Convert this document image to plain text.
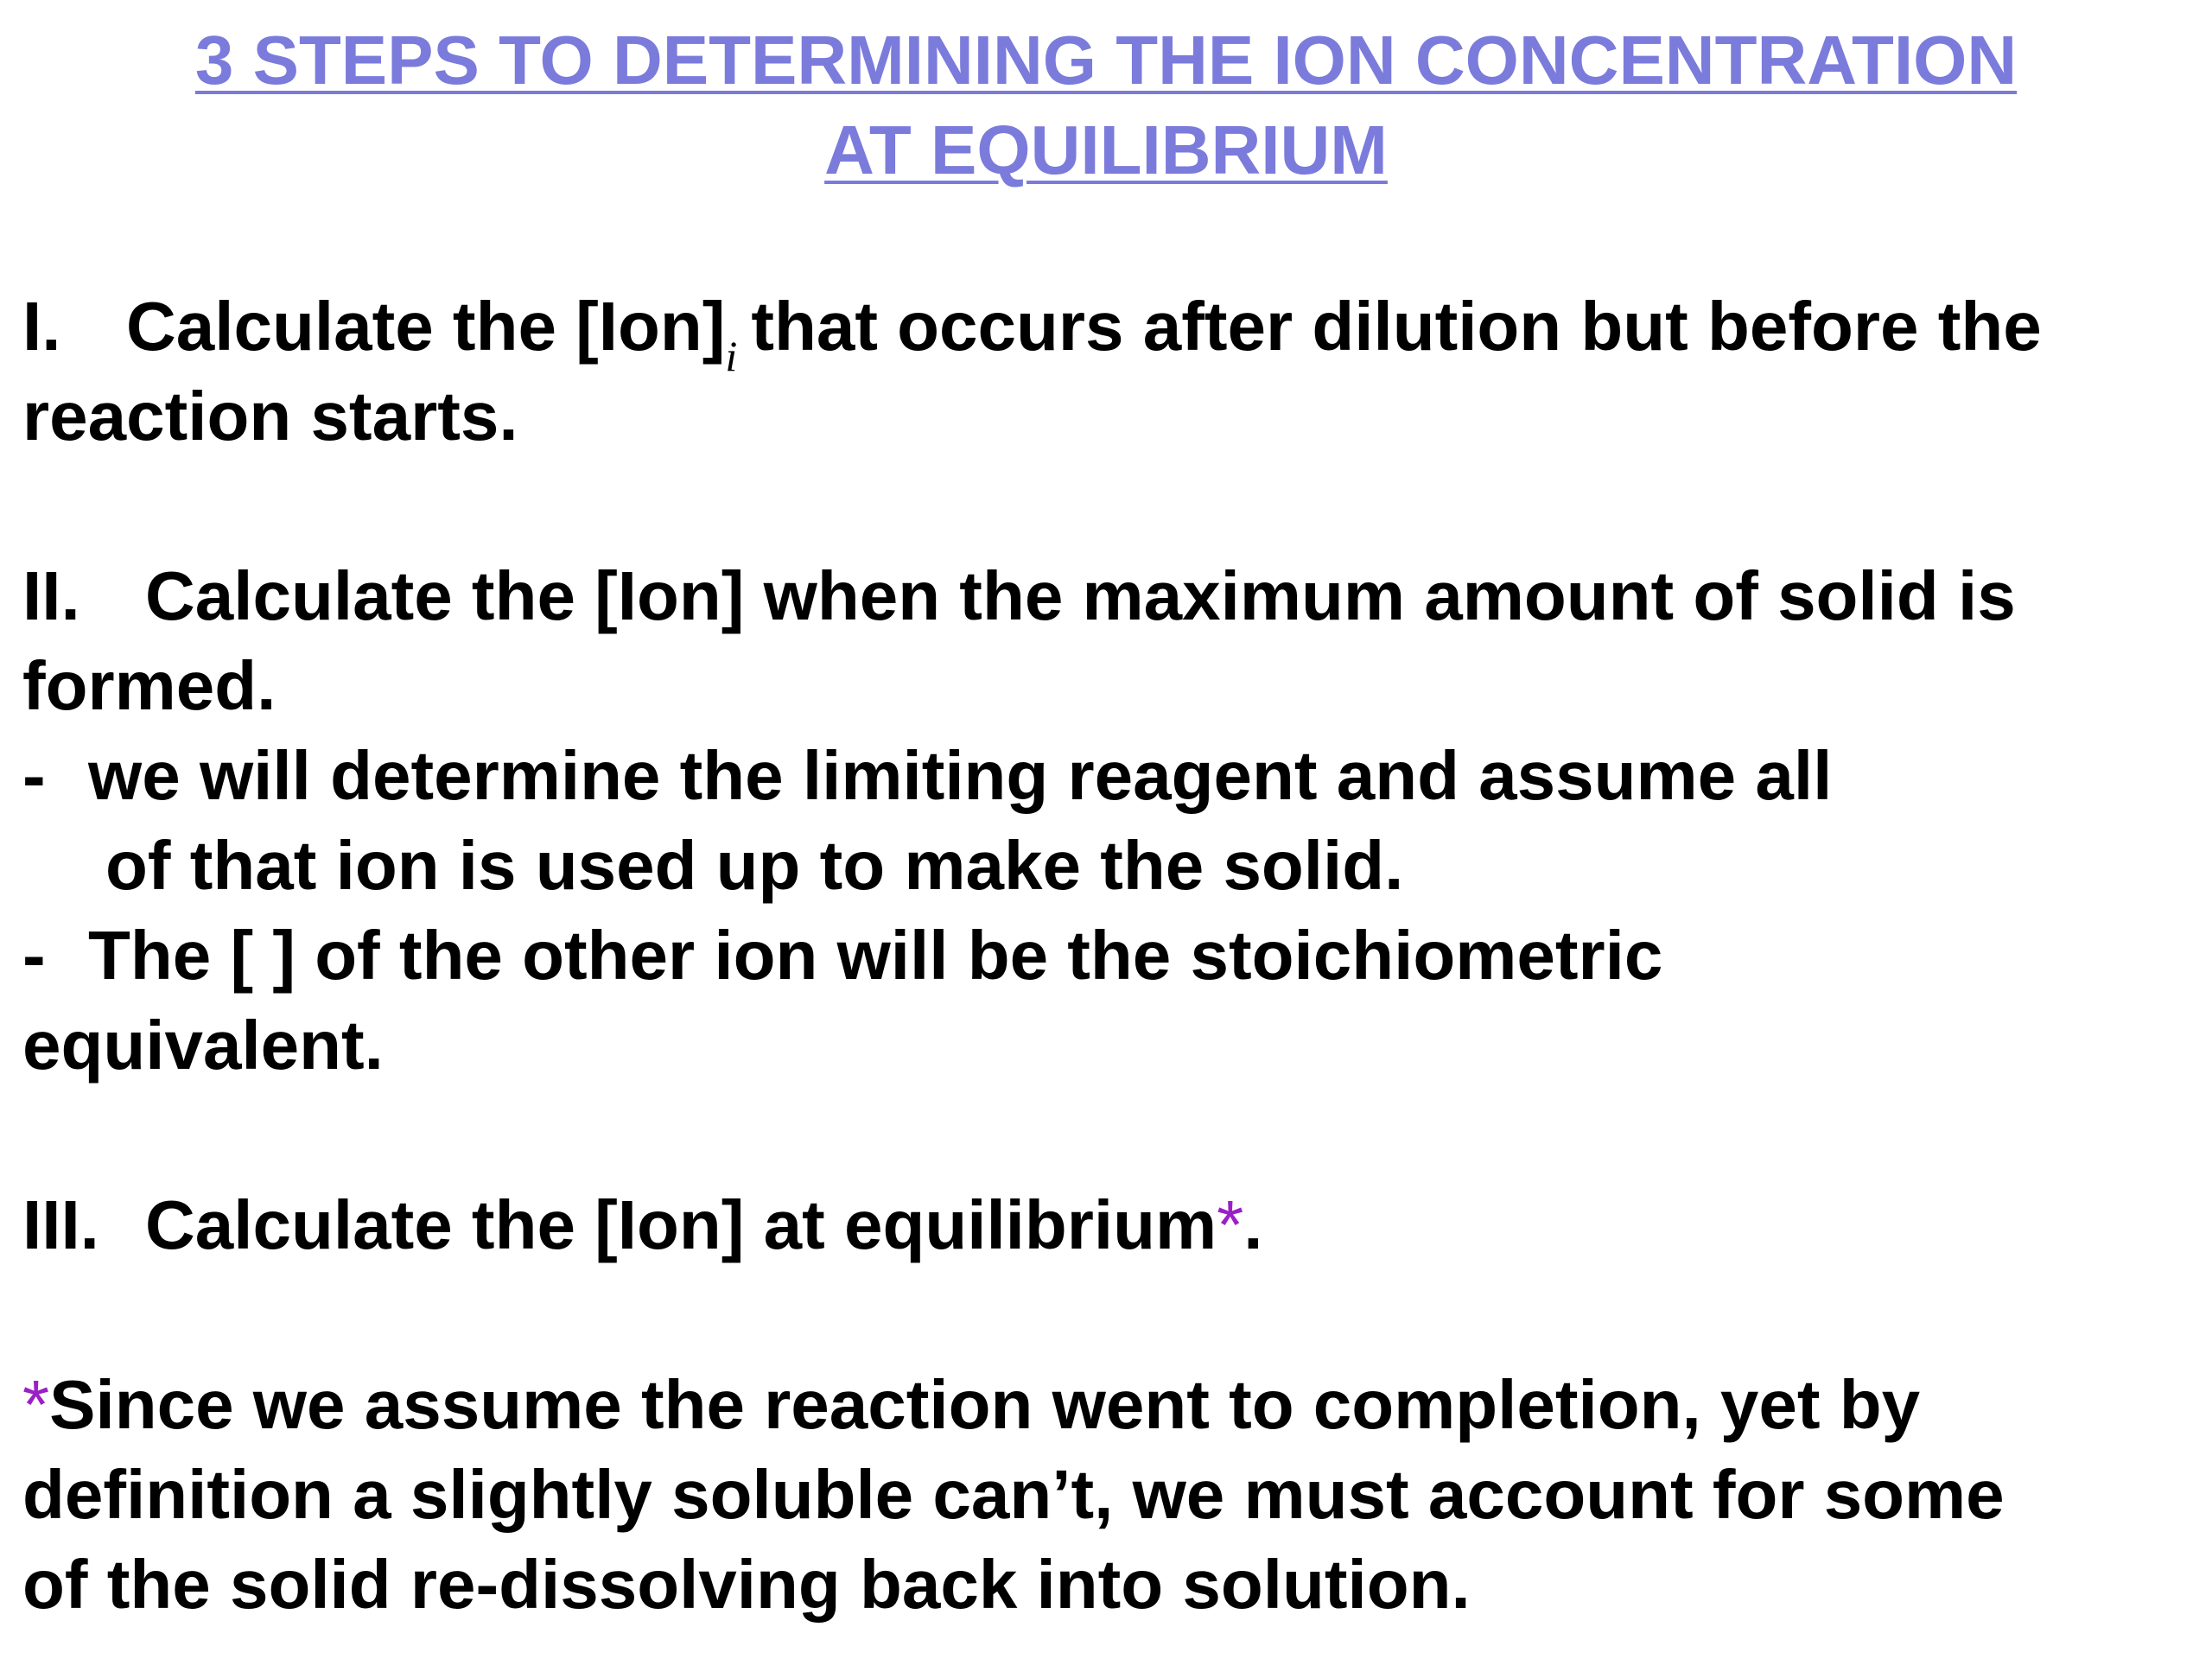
3 STEPS TO DETERMINING THE ION CONCENTRATION
AT EQUILIBRIUM
I. Calculate the $[Ion]_i$ that occurs after dilution but before the
reaction starts.
II. Calculate the [Ion] when the maximum amount of solid is
formed.
- we will determine the limiting reagent and assume all
of that ion is used up to make the solid.
- The [ ] of the other ion will be the stoichiometric
equivalent.
III. Calculate the [Ion] at equilibrium*.
*Since we assume the reaction went to completion, yet by
definition a slightly soluble can’t, we must account for some
of the solid re-dissolving back into solution.
